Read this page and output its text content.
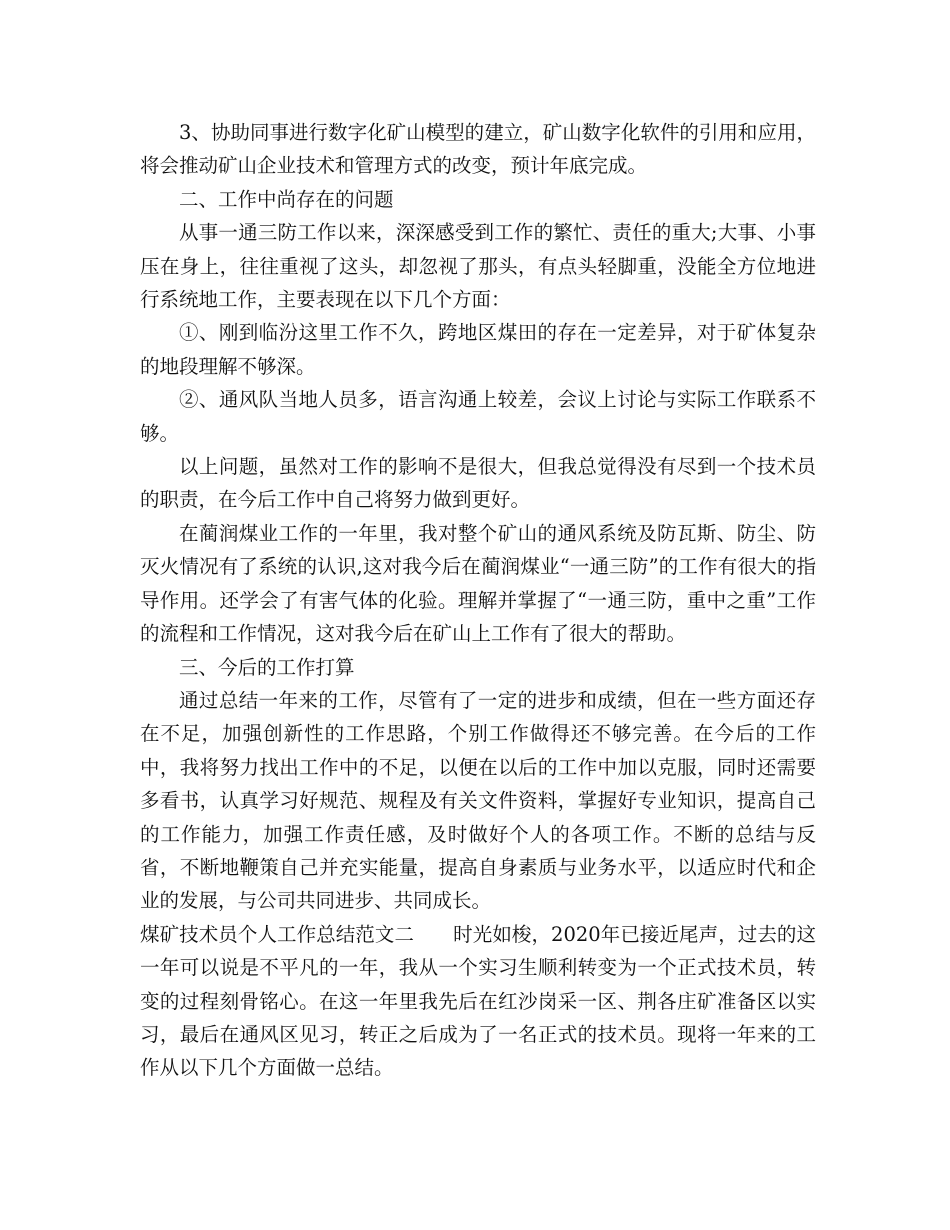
3、协助同事进行数字化矿山模型的建立，矿山数字化软件的引用和应用，将会推动矿山企业技术和管理方式的改变，预计年底完成。

二、工作中尚存在的问题

从事一通三防工作以来，深深感受到工作的繁忙、责任的重大;大事、小事压在身上，往往重视了这头，却忽视了那头，有点头轻脚重，没能全方位地进行系统地工作，主要表现在以下几个方面：

①、刚到临汾这里工作不久，跨地区煤田的存在一定差异，对于矿体复杂的地段理解不够深。

②、通风队当地人员多，语言沟通上较差，会议上讨论与实际工作联系不够。

以上问题，虽然对工作的影响不是很大，但我总觉得没有尽到一个技术员的职责，在今后工作中自己将努力做到更好。

在蔺润煤业工作的一年里，我对整个矿山的通风系统及防瓦斯、防尘、防灭火情况有了系统的认识,这对我今后在蔺润煤业“一通三防”的工作有很大的指导作用。还学会了有害气体的化验。理解并掌握了“一通三防，重中之重”工作的流程和工作情况，这对我今后在矿山上工作有了很大的帮助。

三、今后的工作打算

通过总结一年来的工作，尽管有了一定的进步和成绩，但在一些方面还存在不足，加强创新性的工作思路，个别工作做得还不够完善。在今后的工作中，我将努力找出工作中的不足，以便在以后的工作中加以克服，同时还需要多看书，认真学习好规范、规程及有关文件资料，掌握好专业知识，提高自己的工作能力，加强工作责任感，及时做好个人的各项工作。不断的总结与反省，不断地鞭策自己并充实能量，提高自身素质与业务水平，以适应时代和企业的发展，与公司共同进步、共同成长。

煤矿技术员个人工作总结范文二　　时光如梭，2020年已接近尾声，过去的这一年可以说是不平凡的一年，我从一个实习生顺利转变为一个正式技术员，转变的过程刻骨铭心。在这一年里我先后在红沙岗采一区、荆各庄矿准备区以实习，最后在通风区见习，转正之后成为了一名正式的技术员。现将一年来的工作从以下几个方面做一总结。
